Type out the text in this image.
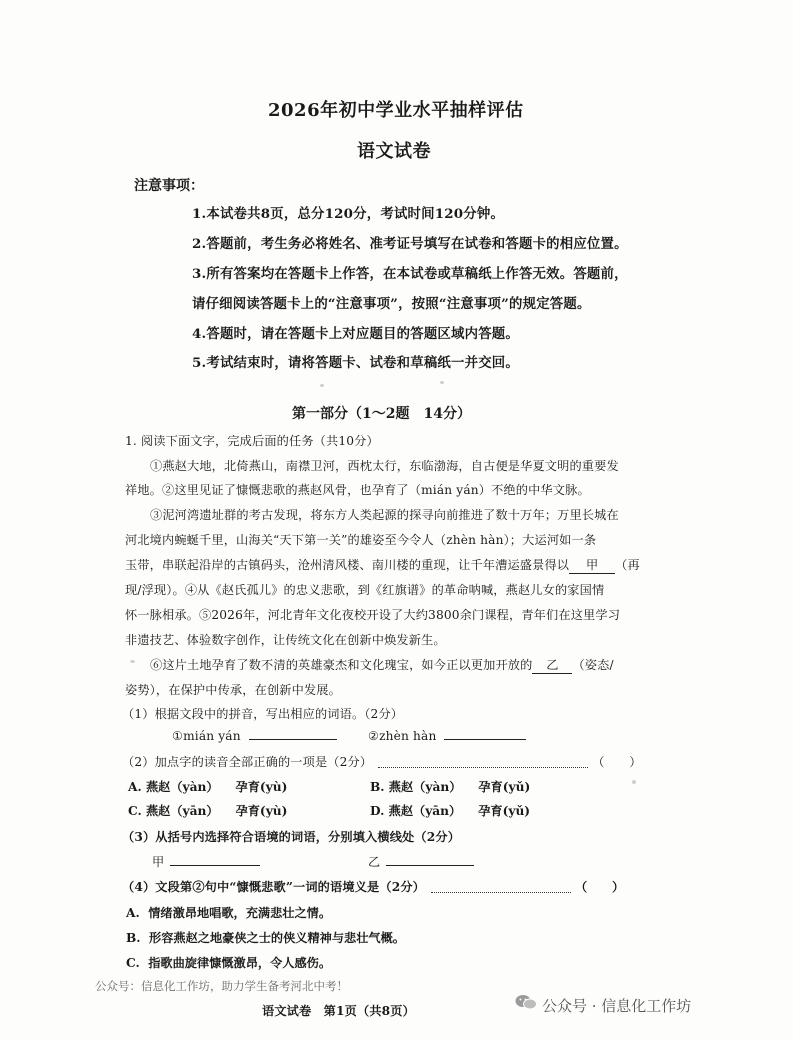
2026年初中学业水平抽样评估
语文试卷
注意事项：
1.本试卷共8页，总分120分，考试时间120分钟。
2.答题前，考生务必将姓名、准考证号填写在试卷和答题卡的相应位置。
3.所有答案均在答题卡上作答，在本试卷或草稿纸上作答无效。答题前，
请仔细阅读答题卡上的“注意事项”，按照“注意事项”的规定答题。
4.答题时，请在答题卡上对应题目的答题区域内答题。
5.考试结束时，请将答题卡、试卷和草稿纸一并交回。
第一部分（1～2题　14分）
1. 阅读下面文字，完成后面的任务（共10分）
①燕赵大地，北倚燕山，南襟卫河，西枕太行，东临渤海，自古便是华夏文明的重要发
祥地。②这里见证了慷慨悲歌的燕赵风骨，也孕育了（mián yán）不绝的中华文脉。
③泥河湾遗址群的考古发现，将东方人类起源的探寻向前推进了数十万年；万里长城在
河北境内蜿蜒千里，山海关“天下第一关”的雄姿至今令人（zhèn hàn）；大运河如一条
玉带，串联起沿岸的古镇码头，沧州清风楼、南川楼的重现，让千年漕运盛景得以 甲 （再
现/浮现）。④从《赵氏孤儿》的忠义悲歌，到《红旗谱》的革命呐喊，燕赵儿女的家国情
怀一脉相承。⑤2026年，河北青年文化夜校开设了大约3800余门课程，青年们在这里学习
非遗技艺、体验数字创作，让传统文化在创新中焕发新生。
⑥这片土地孕育了数不清的英雄豪杰和文化瑰宝，如今正以更加开放的 乙 （姿态/
姿势），在保护中传承，在创新中发展。
（1）根据文段中的拼音，写出相应的词语。（2分）
①mián yán	②zhèn hàn
（2）加点字的读音全部正确的一项是（2分）	（　　）
A. 燕赵（yàn） 孕育(yù)	B. 燕赵（yàn） 孕育(yǔ)
C. 燕赵（yān） 孕育(yù)	D. 燕赵（yān） 孕育(yǔ)
（3）从括号内选择符合语境的词语，分别填入横线处（2分）
甲	乙
（4）文段第②句中“慷慨悲歌”一词的语境义是（2分）	（　　）
A. 情绪激昂地唱歌，充满悲壮之情。
B. 形容燕赵之地豪侠之士的侠义精神与悲壮气概。
C. 指歌曲旋律慷慨激昂，令人感伤。
公众号：信息化工作坊，助力学生备考河北中考！
语文试卷　第1页（共8页）	公众号 · 信息化工作坊
